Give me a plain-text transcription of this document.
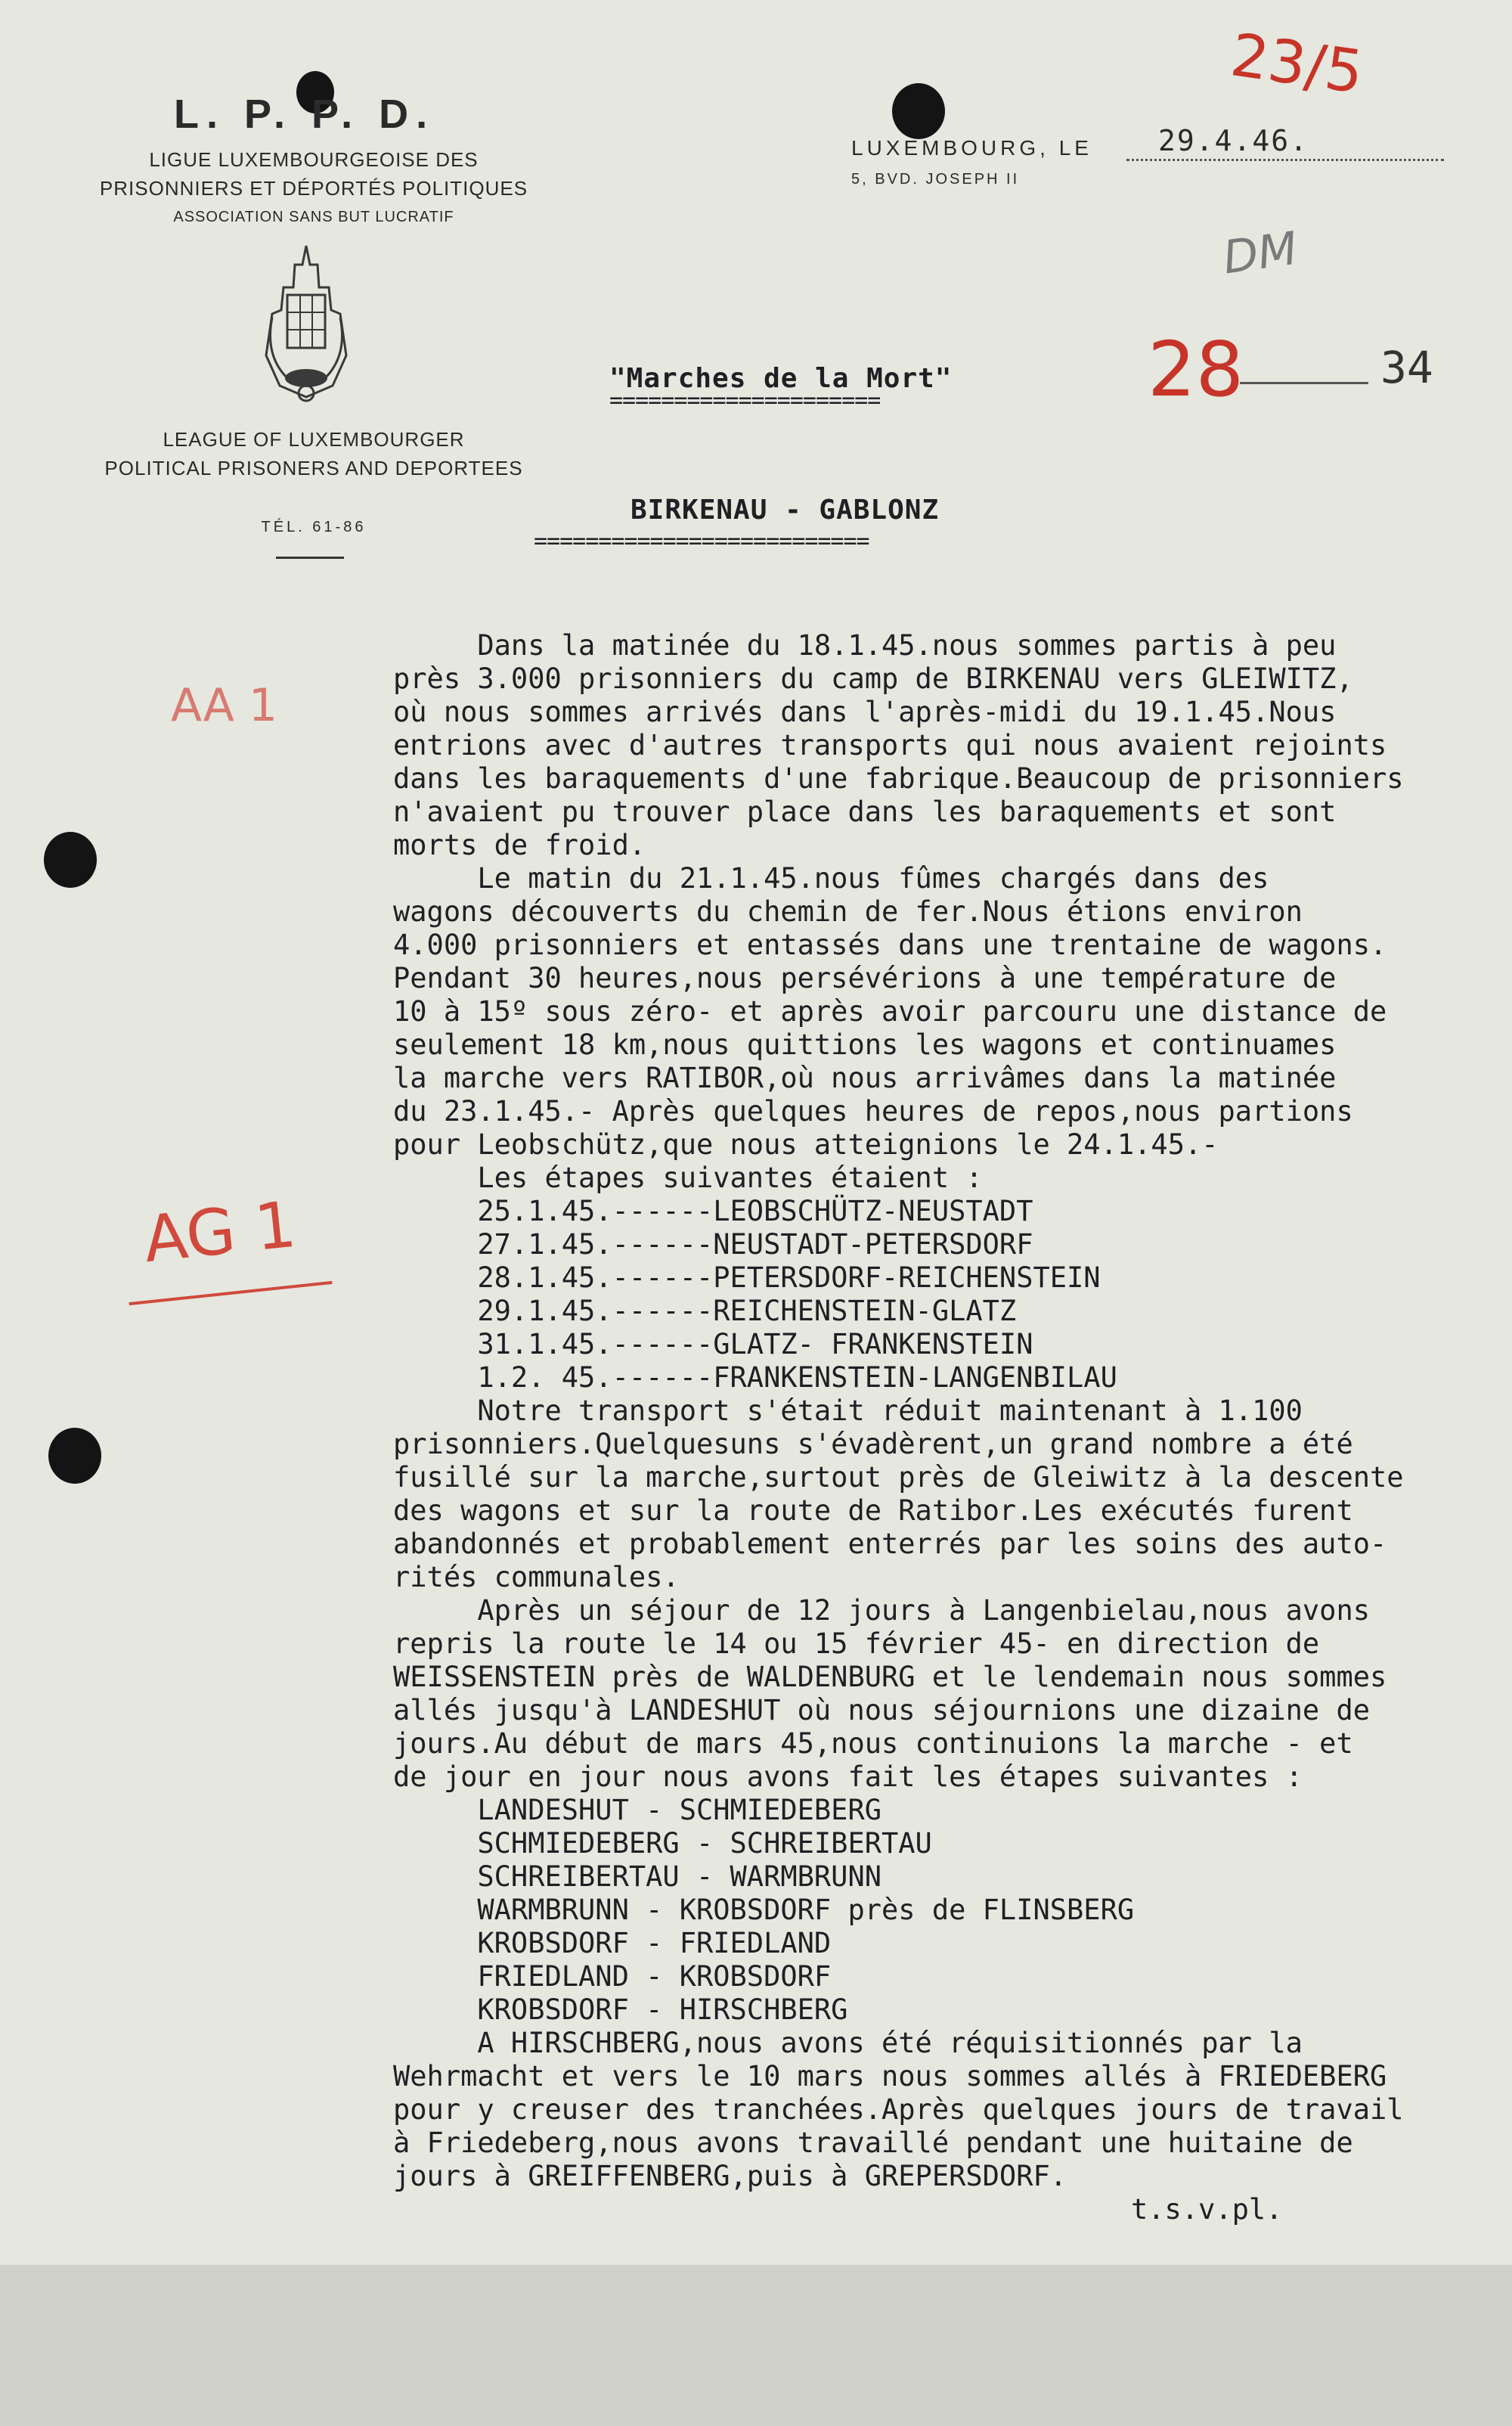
L. P. P. D.
LIGUE LUXEMBOURGEOISE DES
PRISONNIERS ET DÉPORTÉS POLITIQUES
ASSOCIATION SANS BUT LUCRATIF
LEAGUE OF LUXEMBOURGER
POLITICAL PRISONERS AND DEPORTEES
TÉL. 61-86
LUXEMBOURG, LE 29.4.46.
5, BVD. JOSEPH II
23/5
DM
28	34
AA 1
AG 1
"Marches de la Mort"
=====================
BIRKENAU - GABLONZ
==========================
Dans la matinée du 18.1.45.nous sommes partis à peu
près 3.000 prisonniers du camp de BIRKENAU vers GLEIWITZ,
où nous sommes arrivés dans l'après-midi du 19.1.45.Nous
entrions avec d'autres transports qui nous avaient rejoints
dans les baraquements d'une fabrique.Beaucoup de prisonniers
n'avaient pu trouver place dans les baraquements et sont
morts de froid.
Le matin du 21.1.45.nous fûmes chargés dans des
wagons découverts du chemin de fer.Nous étions environ
4.000 prisonniers et entassés dans une trentaine de wagons.
Pendant 30 heures,nous persévérions à une température de
10 à 15º sous zéro- et après avoir parcouru une distance de
seulement 18 km,nous quittions les wagons et continuames
la marche vers RATIBOR,où nous arrivâmes dans la matinée
du 23.1.45.- Après quelques heures de repos,nous partions
pour Leobschütz,que nous atteignions le 24.1.45.-
Les étapes suivantes étaient :
25.1.45.------LEOBSCHÜTZ-NEUSTADT
27.1.45.------NEUSTADT-PETERSDORF
28.1.45.------PETERSDORF-REICHENSTEIN
29.1.45.------REICHENSTEIN-GLATZ
31.1.45.------GLATZ- FRANKENSTEIN
1.2. 45.------FRANKENSTEIN-LANGENBILAU
Notre transport s'était réduit maintenant à 1.100
prisonniers.Quelquesuns s'évadèrent,un grand nombre a été
fusillé sur la marche,surtout près de Gleiwitz à la descente
des wagons et sur la route de Ratibor.Les exécutés furent
abandonnés et probablement enterrés par les soins des auto-
rités communales.
Après un séjour de 12 jours à Langenbielau,nous avons
repris la route le 14 ou 15 février 45- en direction de
WEISSENSTEIN près de WALDENBURG et le lendemain nous sommes
allés jusqu'à LANDESHUT où nous séjournions une dizaine de
jours.Au début de mars 45,nous continuions la marche - et
de jour en jour nous avons fait les étapes suivantes :
LANDESHUT - SCHMIEDEBERG
SCHMIEDEBERG - SCHREIBERTAU
SCHREIBERTAU - WARMBRUNN
WARMBRUNN - KROBSDORF près de FLINSBERG
KROBSDORF - FRIEDLAND
FRIEDLAND - KROBSDORF
KROBSDORF - HIRSCHBERG
A HIRSCHBERG,nous avons été réquisitionnés par la
Wehrmacht et vers le 10 mars nous sommes allés à FRIEDEBERG
pour y creuser des tranchées.Après quelques jours de travail
à Friedeberg,nous avons travaillé pendant une huitaine de
jours à GREIFFENBERG,puis à GREPERSDORF.

t.s.v.pl.
